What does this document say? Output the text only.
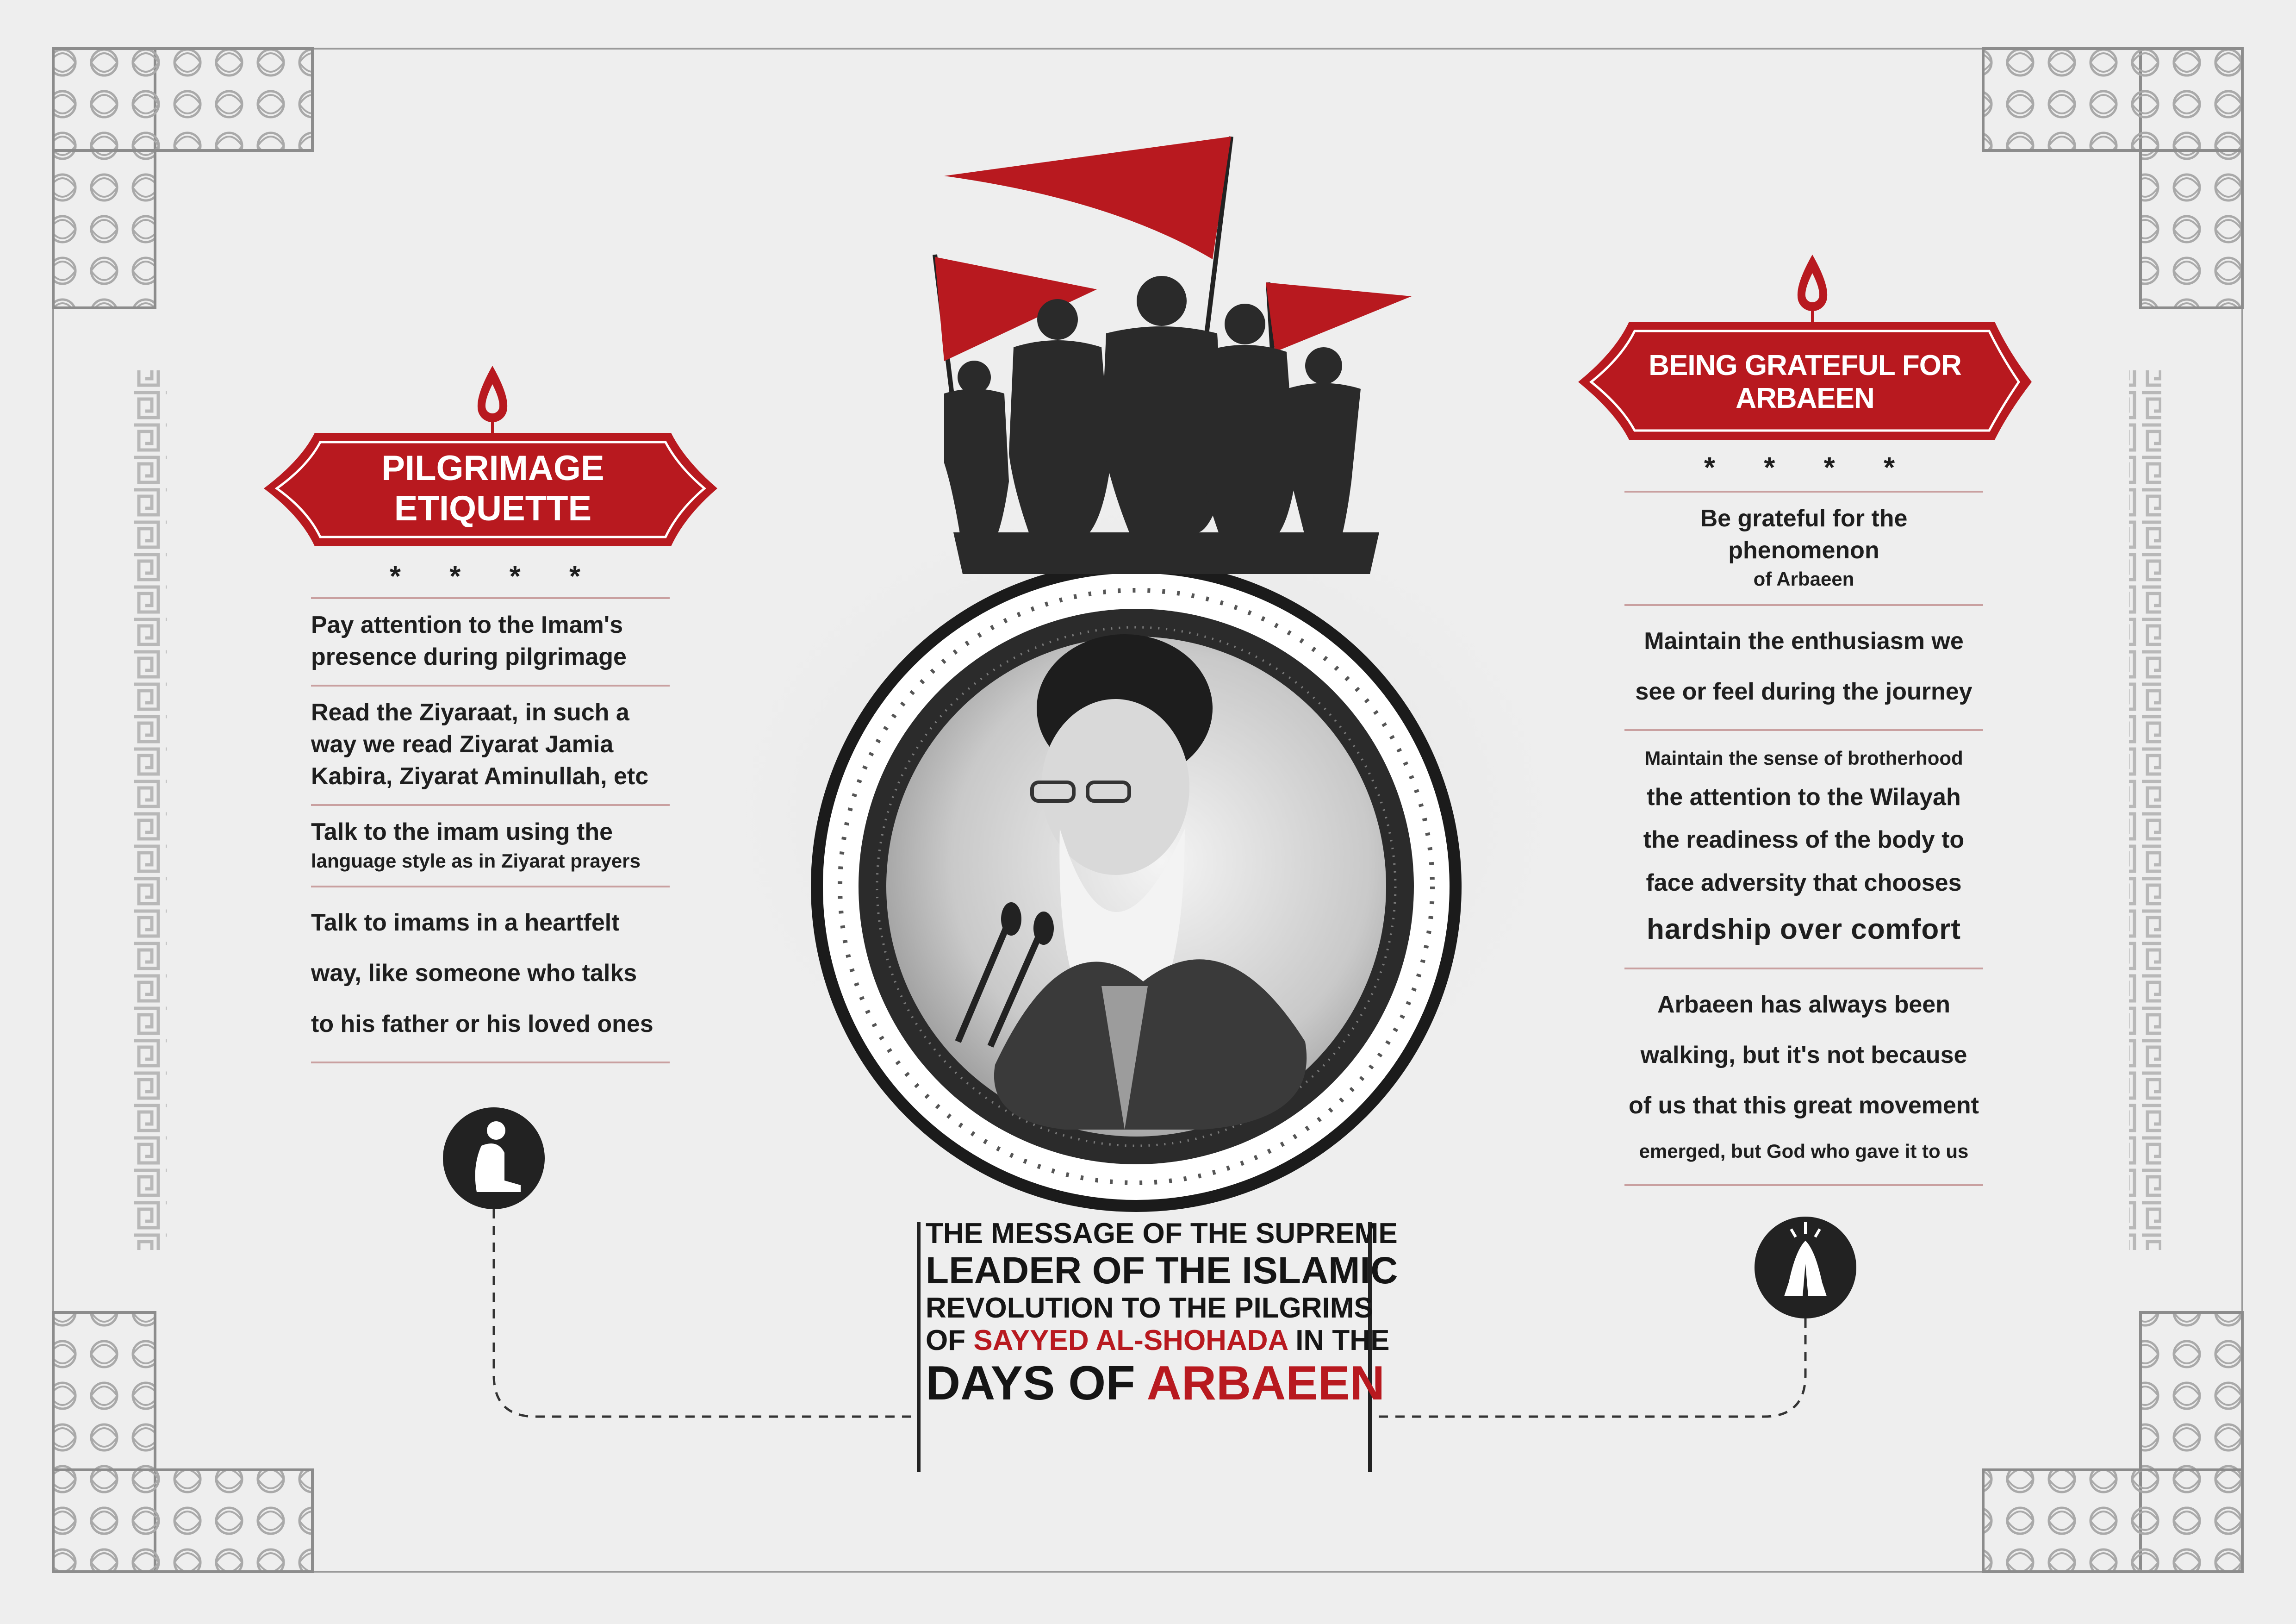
PILGRIMAGE ETIQUETTE
BEING GRATEFUL FOR ARBAEEN
* * * *
* * * *
Pay attention to the Imam's
presence during pilgrimage
Read the Ziyaraat, in such a
way we read Ziyarat Jamia
Kabira, Ziyarat Aminullah, etc
Talk to the imam using the
language style as in Ziyarat prayers
Talk to imams in a heartfelt
way, like someone who talks
to his father or his loved ones
Be grateful for the phenomenon
of Arbaeen
Maintain the enthusiasm we
see or feel during the journey
Maintain the sense of brotherhood
the attention to the Wilayah
the readiness of the body to
face adversity that chooses
hardship over comfort
Arbaeen has always been
walking, but it's not because
of us that this great movement
emerged, but God who gave it to us
THE MESSAGE OF THE SUPREME
LEADER OF THE ISLAMIC
REVOLUTION TO THE PILGRIMS
OF SAYYED AL-SHOHADA IN THE
DAYS OF ARBAEEN
